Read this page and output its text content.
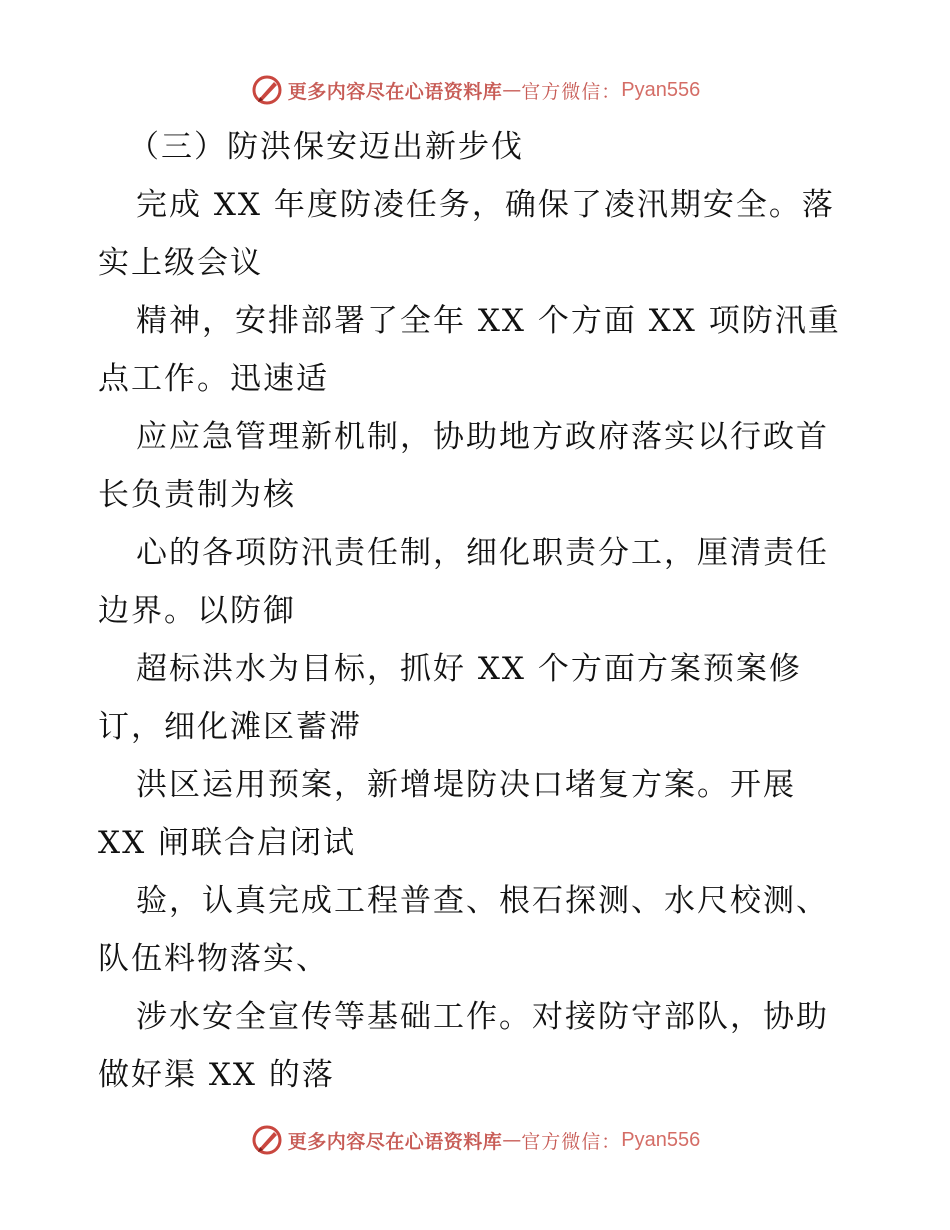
更多内容尽在心语资料库 — 官方微信： Pyan556
（三）防洪保安迈出新步伐
完成 XX 年度防凌任务，确保了凌汛期安全。落
实上级会议
精神，安排部署了全年 XX 个方面 XX 项防汛重
点工作。迅速适
应应急管理新机制，协助地方政府落实以行政首
长负责制为核
心的各项防汛责任制，细化职责分工，厘清责任
边界。以防御
超标洪水为目标，抓好 XX 个方面方案预案修
订，细化滩区蓄滞
洪区运用预案，新增堤防决口堵复方案。开展
XX 闸联合启闭试
验，认真完成工程普查、根石探测、水尺校测、
队伍料物落实、
涉水安全宣传等基础工作。对接防守部队，协助
做好渠 XX 的落
更多内容尽在心语资料库 — 官方微信： Pyan556
